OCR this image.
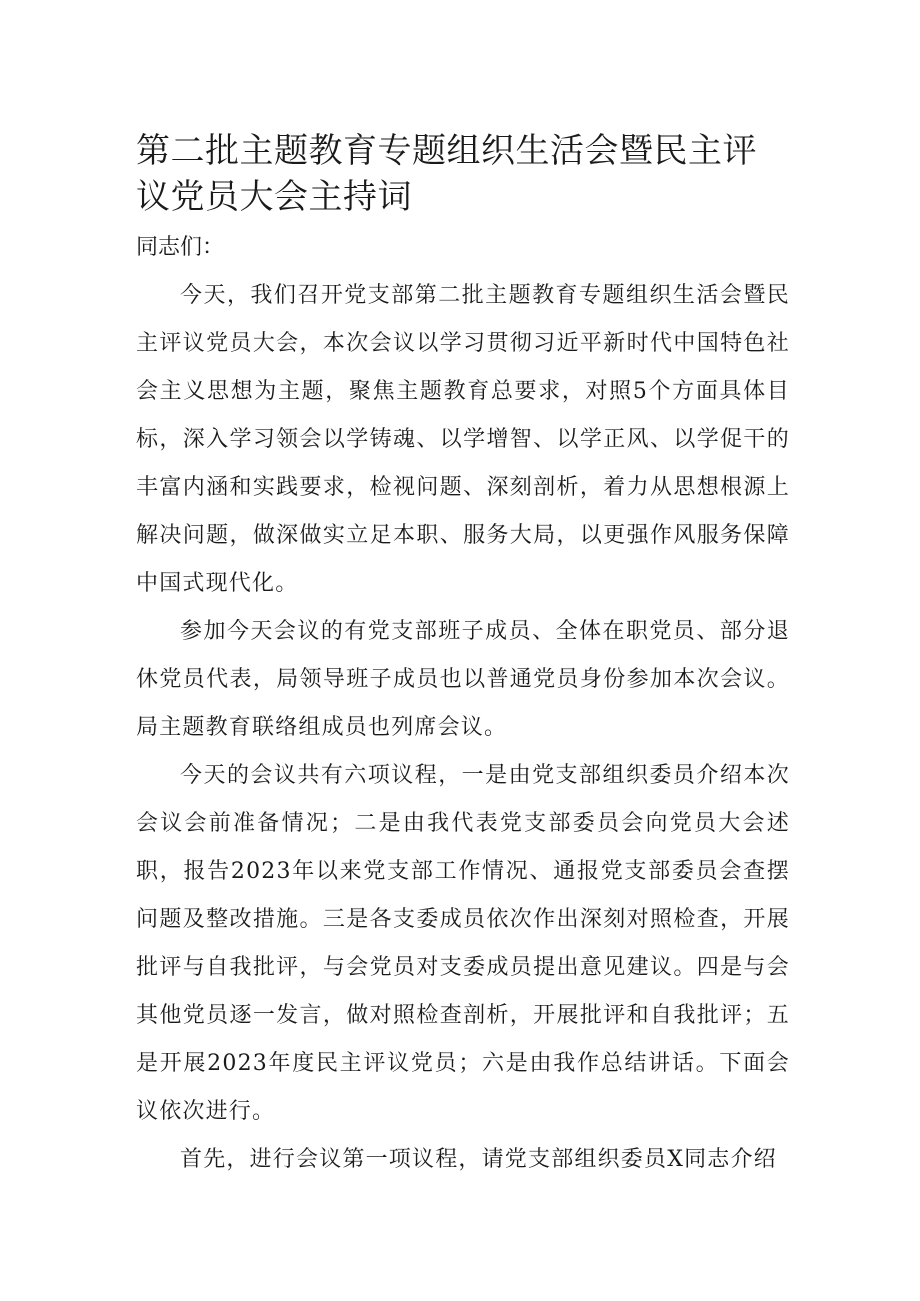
第二批主题教育专题组织生活会暨民主评议党员大会主持词

同志们：

今天，我们召开党支部第二批主题教育专题组织生活会暨民主评议党员大会，本次会议以学习贯彻习近平新时代中国特色社会主义思想为主题，聚焦主题教育总要求，对照5个方面具体目标，深入学习领会以学铸魂、以学增智、以学正风、以学促干的丰富内涵和实践要求，检视问题、深刻剖析，着力从思想根源上解决问题，做深做实立足本职、服务大局，以更强作风服务保障中国式现代化。

参加今天会议的有党支部班子成员、全体在职党员、部分退休党员代表，局领导班子成员也以普通党员身份参加本次会议。局主题教育联络组成员也列席会议。

今天的会议共有六项议程，一是由党支部组织委员介绍本次会议会前准备情况；二是由我代表党支部委员会向党员大会述职，报告2023年以来党支部工作情况、通报党支部委员会查摆问题及整改措施。三是各支委成员依次作出深刻对照检查，开展批评与自我批评，与会党员对支委成员提出意见建议。四是与会其他党员逐一发言，做对照检查剖析，开展批评和自我批评；五是开展2023年度民主评议党员；六是由我作总结讲话。下面会议依次进行。

首先，进行会议第一项议程，请党支部组织委员X同志介绍
